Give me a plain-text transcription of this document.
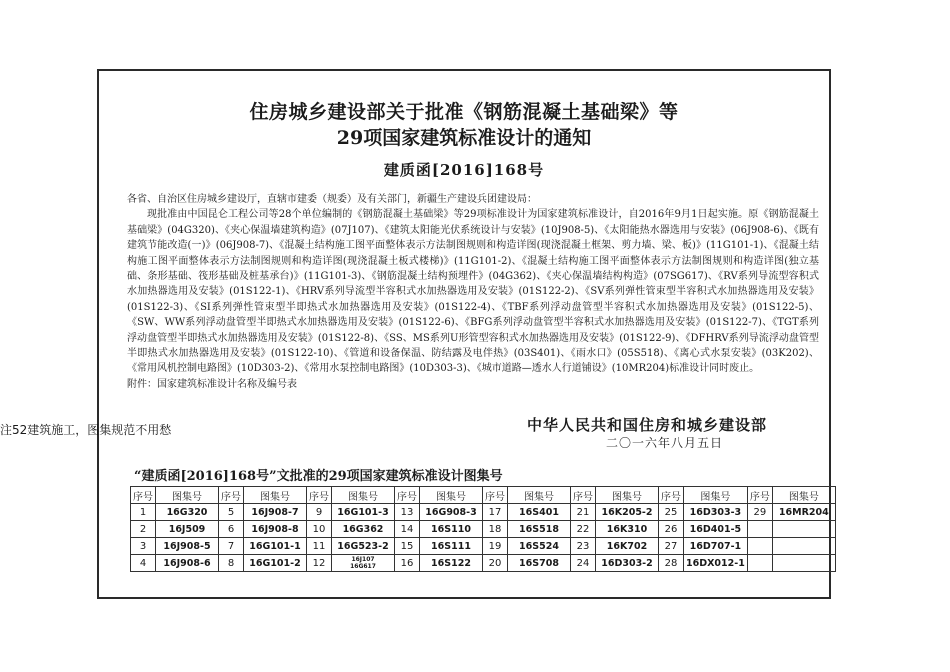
住房城乡建设部关于批准《钢筋混凝土基础梁》等
29项国家建筑标准设计的通知
建质函[2016]168号

各省、自治区住房城乡建设厅，直辖市建委（规委）及有关部门，新疆生产建设兵团建设局：

现批准由中国昆仑工程公司等28个单位编制的《钢筋混凝土基础梁》等29项标准设计为国家建筑标准设计，自2016年9月1日起实施。原《钢筋混凝土基础梁》(04G320)、《夹心保温墙建筑构造》(07J107)、《建筑太阳能光伏系统设计与安装》(10J908-5)、《太阳能热水器选用与安装》(06J908-6)、《既有建筑节能改造(一)》(06J908-7)、《混凝土结构施工图平面整体表示方法制图规则和构造详图(现浇混凝土框架、剪力墙、梁、板)》(11G101-1)、《混凝土结构施工图平面整体表示方法制图规则和构造详图(现浇混凝土板式楼梯)》(11G101-2)、《混凝土结构施工图平面整体表示方法制图规则和构造详图(独立基础、条形基础、筏形基础及桩基承台)》(11G101-3)、《钢筋混凝土结构预埋件》(04G362)、《夹心保温墙结构构造》(07SG617)、《RV系列导流型容积式水加热器选用及安装》(01S122-1)、《HRV系列导流型半容积式水加热器选用及安装》(01S122-2)、《SV系列弹性管束型半容积式水加热器选用及安装》(01S122-3)、《SI系列弹性管束型半即热式水加热器选用及安装》(01S122-4)、《TBF系列浮动盘管型半容积式水加热器选用及安装》(01S122-5)、《SW、WW系列浮动盘管型半即热式水加热器选用及安装》(01S122-6)、《BFG系列浮动盘管型半容积式水加热器选用及安装》(01S122-7)、《TGT系列浮动盘管型半即热式水加热器选用及安装》(01S122-8)、《SS、MS系列U形管型容积式水加热器选用及安装》(01S122-9)、《DFHRV系列导流浮动盘管型半即热式水加热器选用及安装》(01S122-10)、《管道和设备保温、防结露及电伴热》(03S401)、《雨水口》(05S518)、《离心式水泵安装》(03K202)、《常用风机控制电路图》(10D303-2)、《常用水泵控制电路图》(10D303-3)、《城市道路—透水人行道铺设》(10MR204)标准设计同时废止。

附件：国家建筑标准设计名称及编号表

中华人民共和国住房和城乡建设部
二〇一六年八月五日
注52建筑施工，图集规范不用愁
“建质函[2016]168号”文批准的29项国家建筑标准设计图集号
序号	图集号	序号	图集号	序号	图集号	序号	图集号	序号	图集号	序号	图集号	序号	图集号	序号	图集号
1	16G320	5	16J908-7	9	16G101-3	13	16G908-3	17	16S401	21	16K205-2	25	16D303-3	29	16MR204
2	16J509	6	16J908-8	10	16G362	14	16S110	18	16S518	22	16K310	26	16D401-5		
3	16J908-5	7	16G101-1	11	16G523-2	15	16S111	19	16S524	23	16K702	27	16D707-1		
4	16J908-6	8	16G101-2	12	16J107
16G617	16	16S122	20	16S708	24	16D303-2	28	16DX012-1		
